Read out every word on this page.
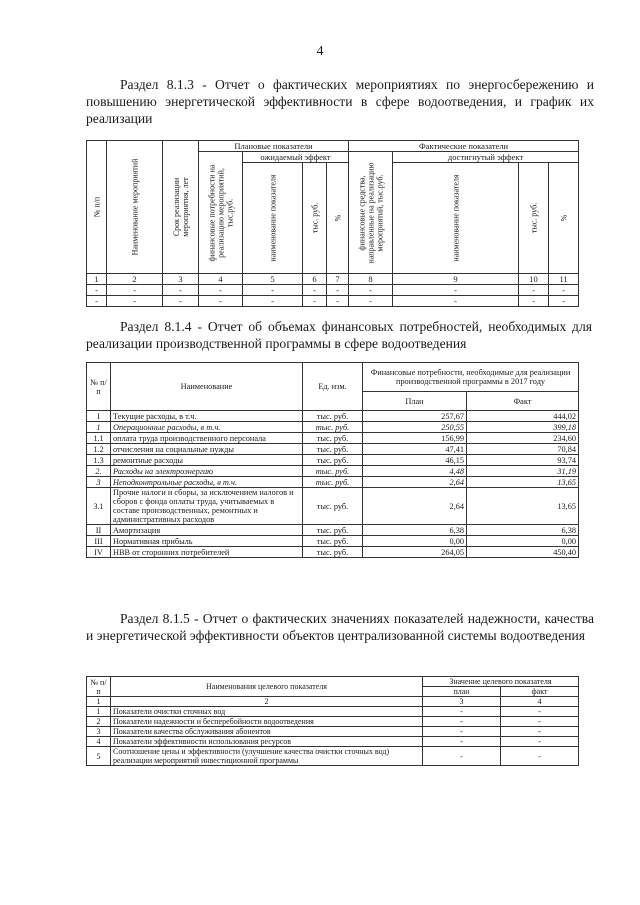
4
Раздел 8.1.3 - Отчет о фактических мероприятиях по энергосбережению и повышению энергетической эффективности в сфере водоотведения, и график их реализации
№ п/п	Наименование мероприятий	Срок реализации мероприятия, лет	Плановые показатели				Фактические показатели			

			финансовые потребности на реализацию мероприятий, тыс.руб.	ожидаемый эффект			финансовые средства, направленные на реализацию мероприятий, тыс.руб.	достигнутый эффект		

				наименование показателя	тыс. руб.	%		наименование показателя	тыс. руб.	%

1	2	3	4	5	6	7	8	9	10	11
-	-	-	-	-	-	-	-	-	-	-
-	-	-	-	-	-	-	-	-	-	-
Раздел 8.1.4 - Отчет об объемах финансовых потребностей, необходимых для реализации производственной программы в сфере водоотведения
№ п/п	Наименование	Ед. изм.	Финансовые потребности, необходимые для реализации производственной программы в 2017 году	
			План	Факт
I	Текущие расходы, в т.ч.	тыс. руб.	257,67	444,02
1	Операционные расходы, в т.ч.	тыс. руб.	250,55	399,18
1.1	оплата труда производственного персонала	тыс. руб.	156,99	234,60
1.2	отчисления на социальные нужды	тыс. руб.	47,41	70,84
1.3	ремонтные расходы	тыс. руб.	46,15	93,74
2.	Расходы на электроэнергию	тыс. руб.	4,48	31,19
3	Неподконтрольные расходы, в т.ч.	тыс. руб.	2,64	13,65
3.1	Прочие налоги и сборы, за исключением налогов и сборов с фонда оплаты труда, учитываемых в составе производственных, ремонтных и административных расходов	тыс. руб.	2,64	13,65
II	Амортизация	тыс. руб.	6,38	6,38
III	Нормативная прибыль	тыс. руб.	0,00	0,00
IV	НВВ от сторонних потребителей	тыс. руб.	264,05	450,40
Раздел 8.1.5 - Отчет о фактических значениях показателей надежности, качества и энергетической эффективности объектов централизованной системы водоотведения
№ п/п	Наименования целевого показателя	Значение целевого показателя	
		план	факт
1	2	3	4
1	Показатели очистки сточных вод	-	-
2	Показатели надежности и бесперебойности водоотведения	-	-
3	Показатели качества обслуживания абонентов	-	-
4	Показатели эффективности использования ресурсов	-	-
5	Соотношение цены и эффективности (улучшение качества очистки сточных вод) реализации мероприятий инвестиционной программы	-	-
